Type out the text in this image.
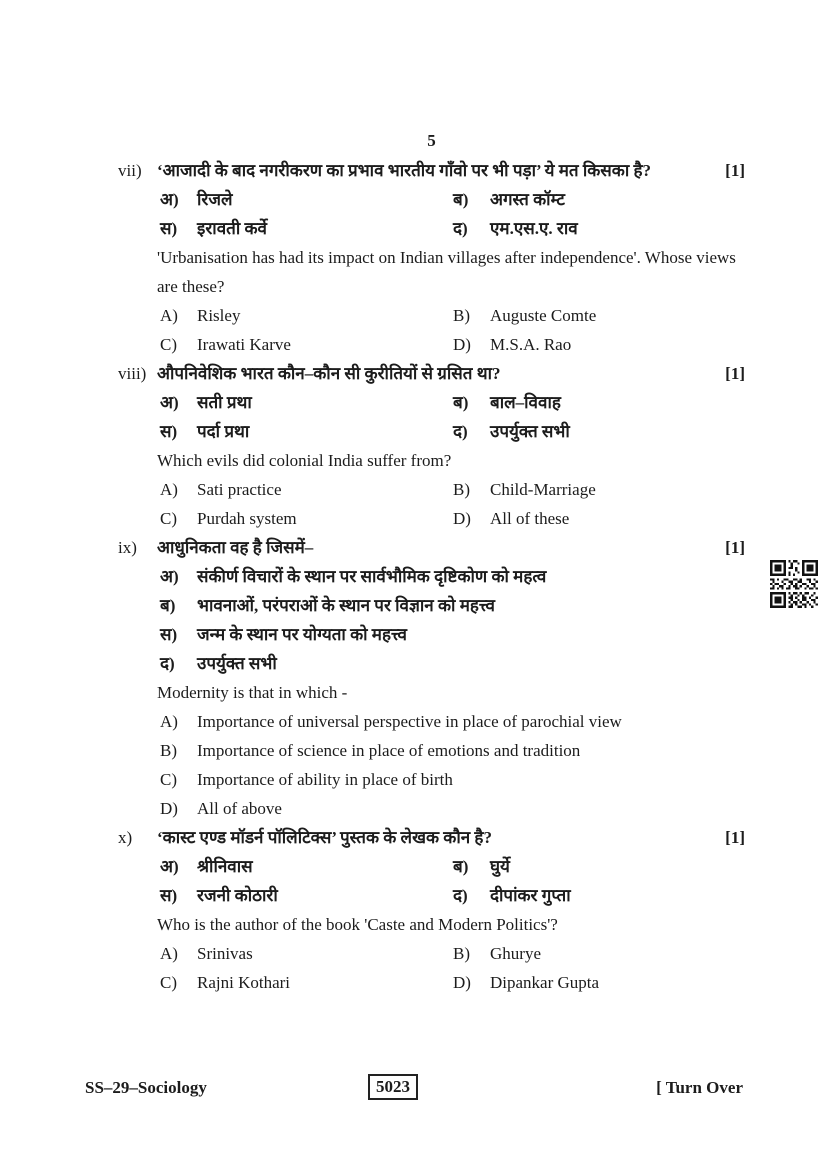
5
vii) ‘आजादी के बाद नगरीकरण का प्रभाव भारतीय गाँवो पर भी पड़ा’ ये मत किसका है?	[1]
अ)	रिजले	ब)	अगस्त कॉम्ट
स)	इरावती कर्वे	द)	एम.एस.ए. राव
'Urbanisation has had its impact on Indian villages after independence'. Whose views are these?
A)	Risley	B)	Auguste Comte
C)	Irawati Karve	D)	M.S.A. Rao
viii) औपनिवेशिक भारत कौन–कौन सी कुरीतियों से ग्रसित था?	[1]
अ)	सती प्रथा	ब)	बाल–विवाह
स)	पर्दा प्रथा	द)	उपर्युक्त सभी
Which evils did colonial India suffer from?
A)	Sati practice	B)	Child-Marriage
C)	Purdah system	D)	All of these
ix)	आधुनिकता वह है जिसमें–	[1]
अ)	संकीर्ण विचारों के स्थान पर सार्वभौमिक दृष्टिकोण को महत्व
ब)	भावनाओं, परंपराओं के स्थान पर विज्ञान को महत्त्व
स)	जन्म के स्थान पर योग्यता को महत्त्व
द)	उपर्युक्त सभी
Modernity is that in which -
A)	Importance of universal perspective in place of parochial view
B)	Importance of science in place of emotions and tradition
C)	Importance of ability in place of birth
D)	All of above
x)	‘कास्ट एण्ड मॉडर्न पॉलिटिक्स’ पुस्तक के लेखक कौन है?	[1]
अ)	श्रीनिवास	ब)	घुर्ये
स)	रजनी कोठारी	द)	दीपांकर गुप्ता
Who is the author of the book 'Caste and Modern Politics'?
A)	Srinivas	B)	Ghurye
C)	Rajni Kothari	D)	Dipankar Gupta
SS–29–Sociology	5023	[ Turn Over
